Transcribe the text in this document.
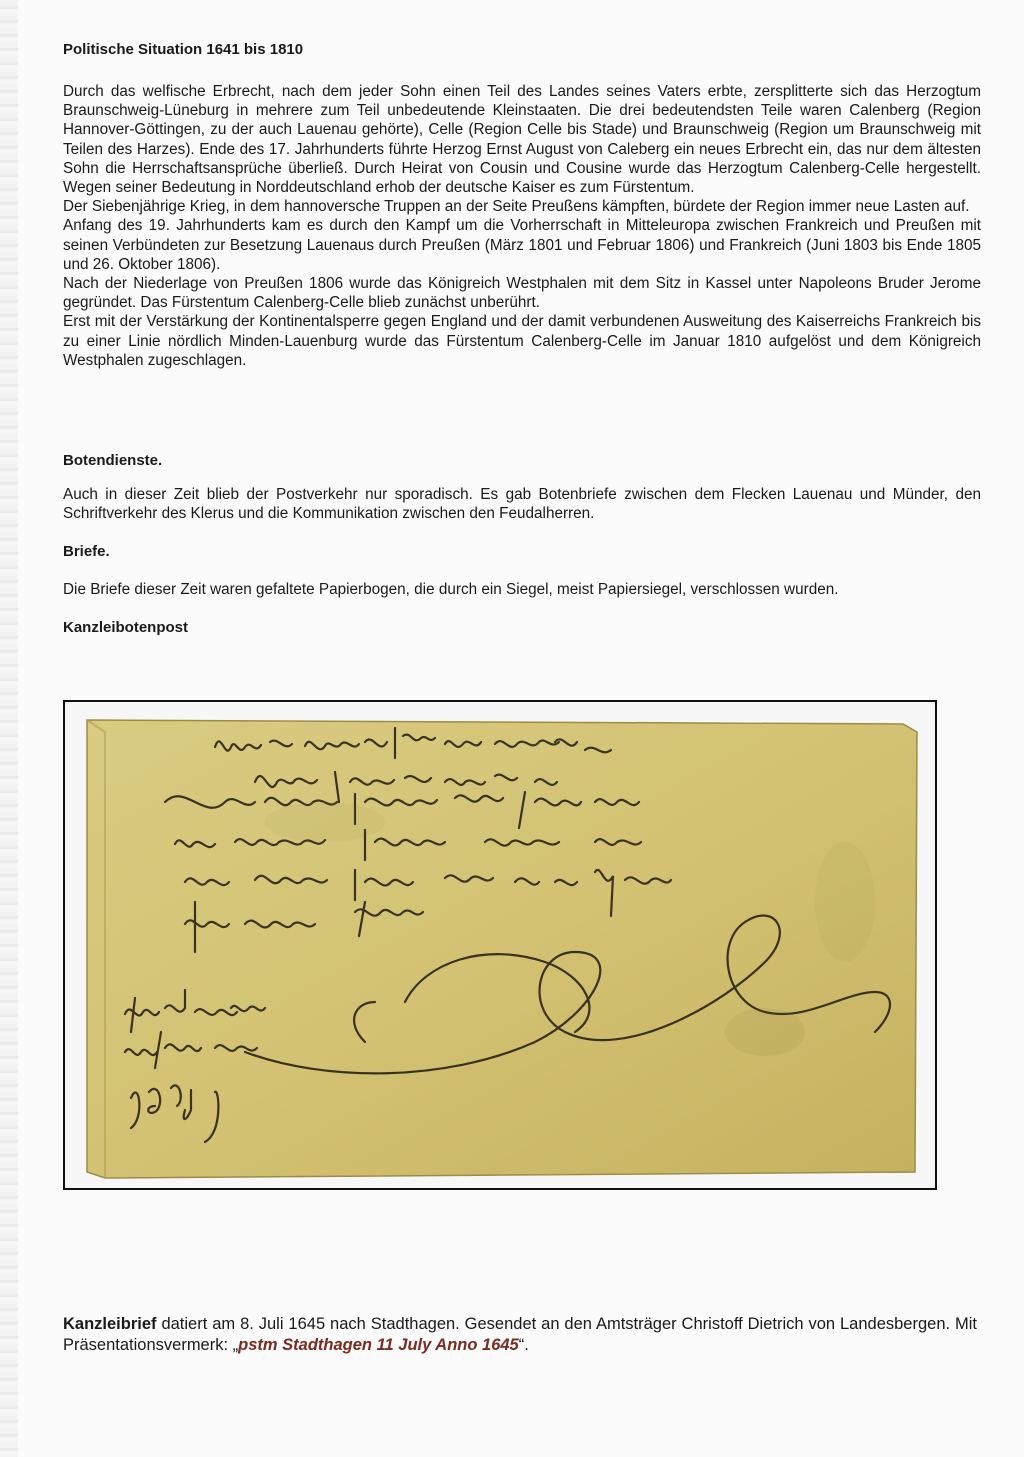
Politische Situation 1641 bis 1810

Durch das welfische Erbrecht, nach dem jeder Sohn einen Teil des Landes seines Vaters erbte, zersplitterte sich das Herzogtum Braunschweig-Lüneburg in mehrere zum Teil unbedeutende Kleinstaaten. Die drei bedeutendsten Teile waren Calenberg (Region Hannover-Göttingen, zu der auch Lauenau gehörte), Celle (Region Celle bis Stade) und Braunschweig (Region um Braunschweig mit Teilen des Harzes). Ende des 17. Jahrhunderts führte Herzog Ernst August von Caleberg ein neues Erbrecht ein, das nur dem ältesten Sohn die Herrschaftsansprüche überließ. Durch Heirat von Cousin und Cousine wurde das Herzogtum Calenberg-Celle hergestellt. Wegen seiner Bedeutung in Norddeutschland erhob der deutsche Kaiser es zum Fürstentum.

Der Siebenjährige Krieg, in dem hannoversche Truppen an der Seite Preußens kämpften, bürdete der Region immer neue Lasten auf.

Anfang des 19. Jahrhunderts kam es durch den Kampf um die Vorherrschaft in Mitteleuropa zwischen Frankreich und Preußen mit seinen Verbündeten zur Besetzung Lauenaus durch Preußen (März 1801 und Februar 1806) und Frankreich (Juni 1803 bis Ende 1805 und 26. Oktober 1806).

Nach der Niederlage von Preußen 1806 wurde das Königreich Westphalen mit dem Sitz in Kassel unter Napoleons Bruder Jerome gegründet. Das Fürstentum Calenberg-Celle blieb zunächst unberührt.

Erst mit der Verstärkung der Kontinentalsperre gegen England und der damit verbundenen Ausweitung des Kaiserreichs Frankreich bis zu einer Linie nördlich Minden-Lauenburg wurde das Fürstentum Calenberg-Celle im Januar 1810 aufgelöst und dem Königreich Westphalen zugeschlagen.

Botendienste.

Auch in dieser Zeit blieb der Postverkehr nur sporadisch. Es gab Botenbriefe zwischen dem Flecken Lauenau und Münder, den Schriftverkehr des Klerus und die Kommunikation zwischen den Feudalherren.

Briefe.

Die Briefe dieser Zeit waren gefaltete Papierbogen, die durch ein Siegel, meist Papiersiegel, verschlossen wurden.

Kanzleibotenpost
Kanzleibrief datiert am 8. Juli 1645 nach Stadthagen. Gesendet an den Amtsträger Christoff Dietrich von Landesbergen. Mit Präsentationsvermerk: „pstm Stadthagen 11 July Anno 1645“.
